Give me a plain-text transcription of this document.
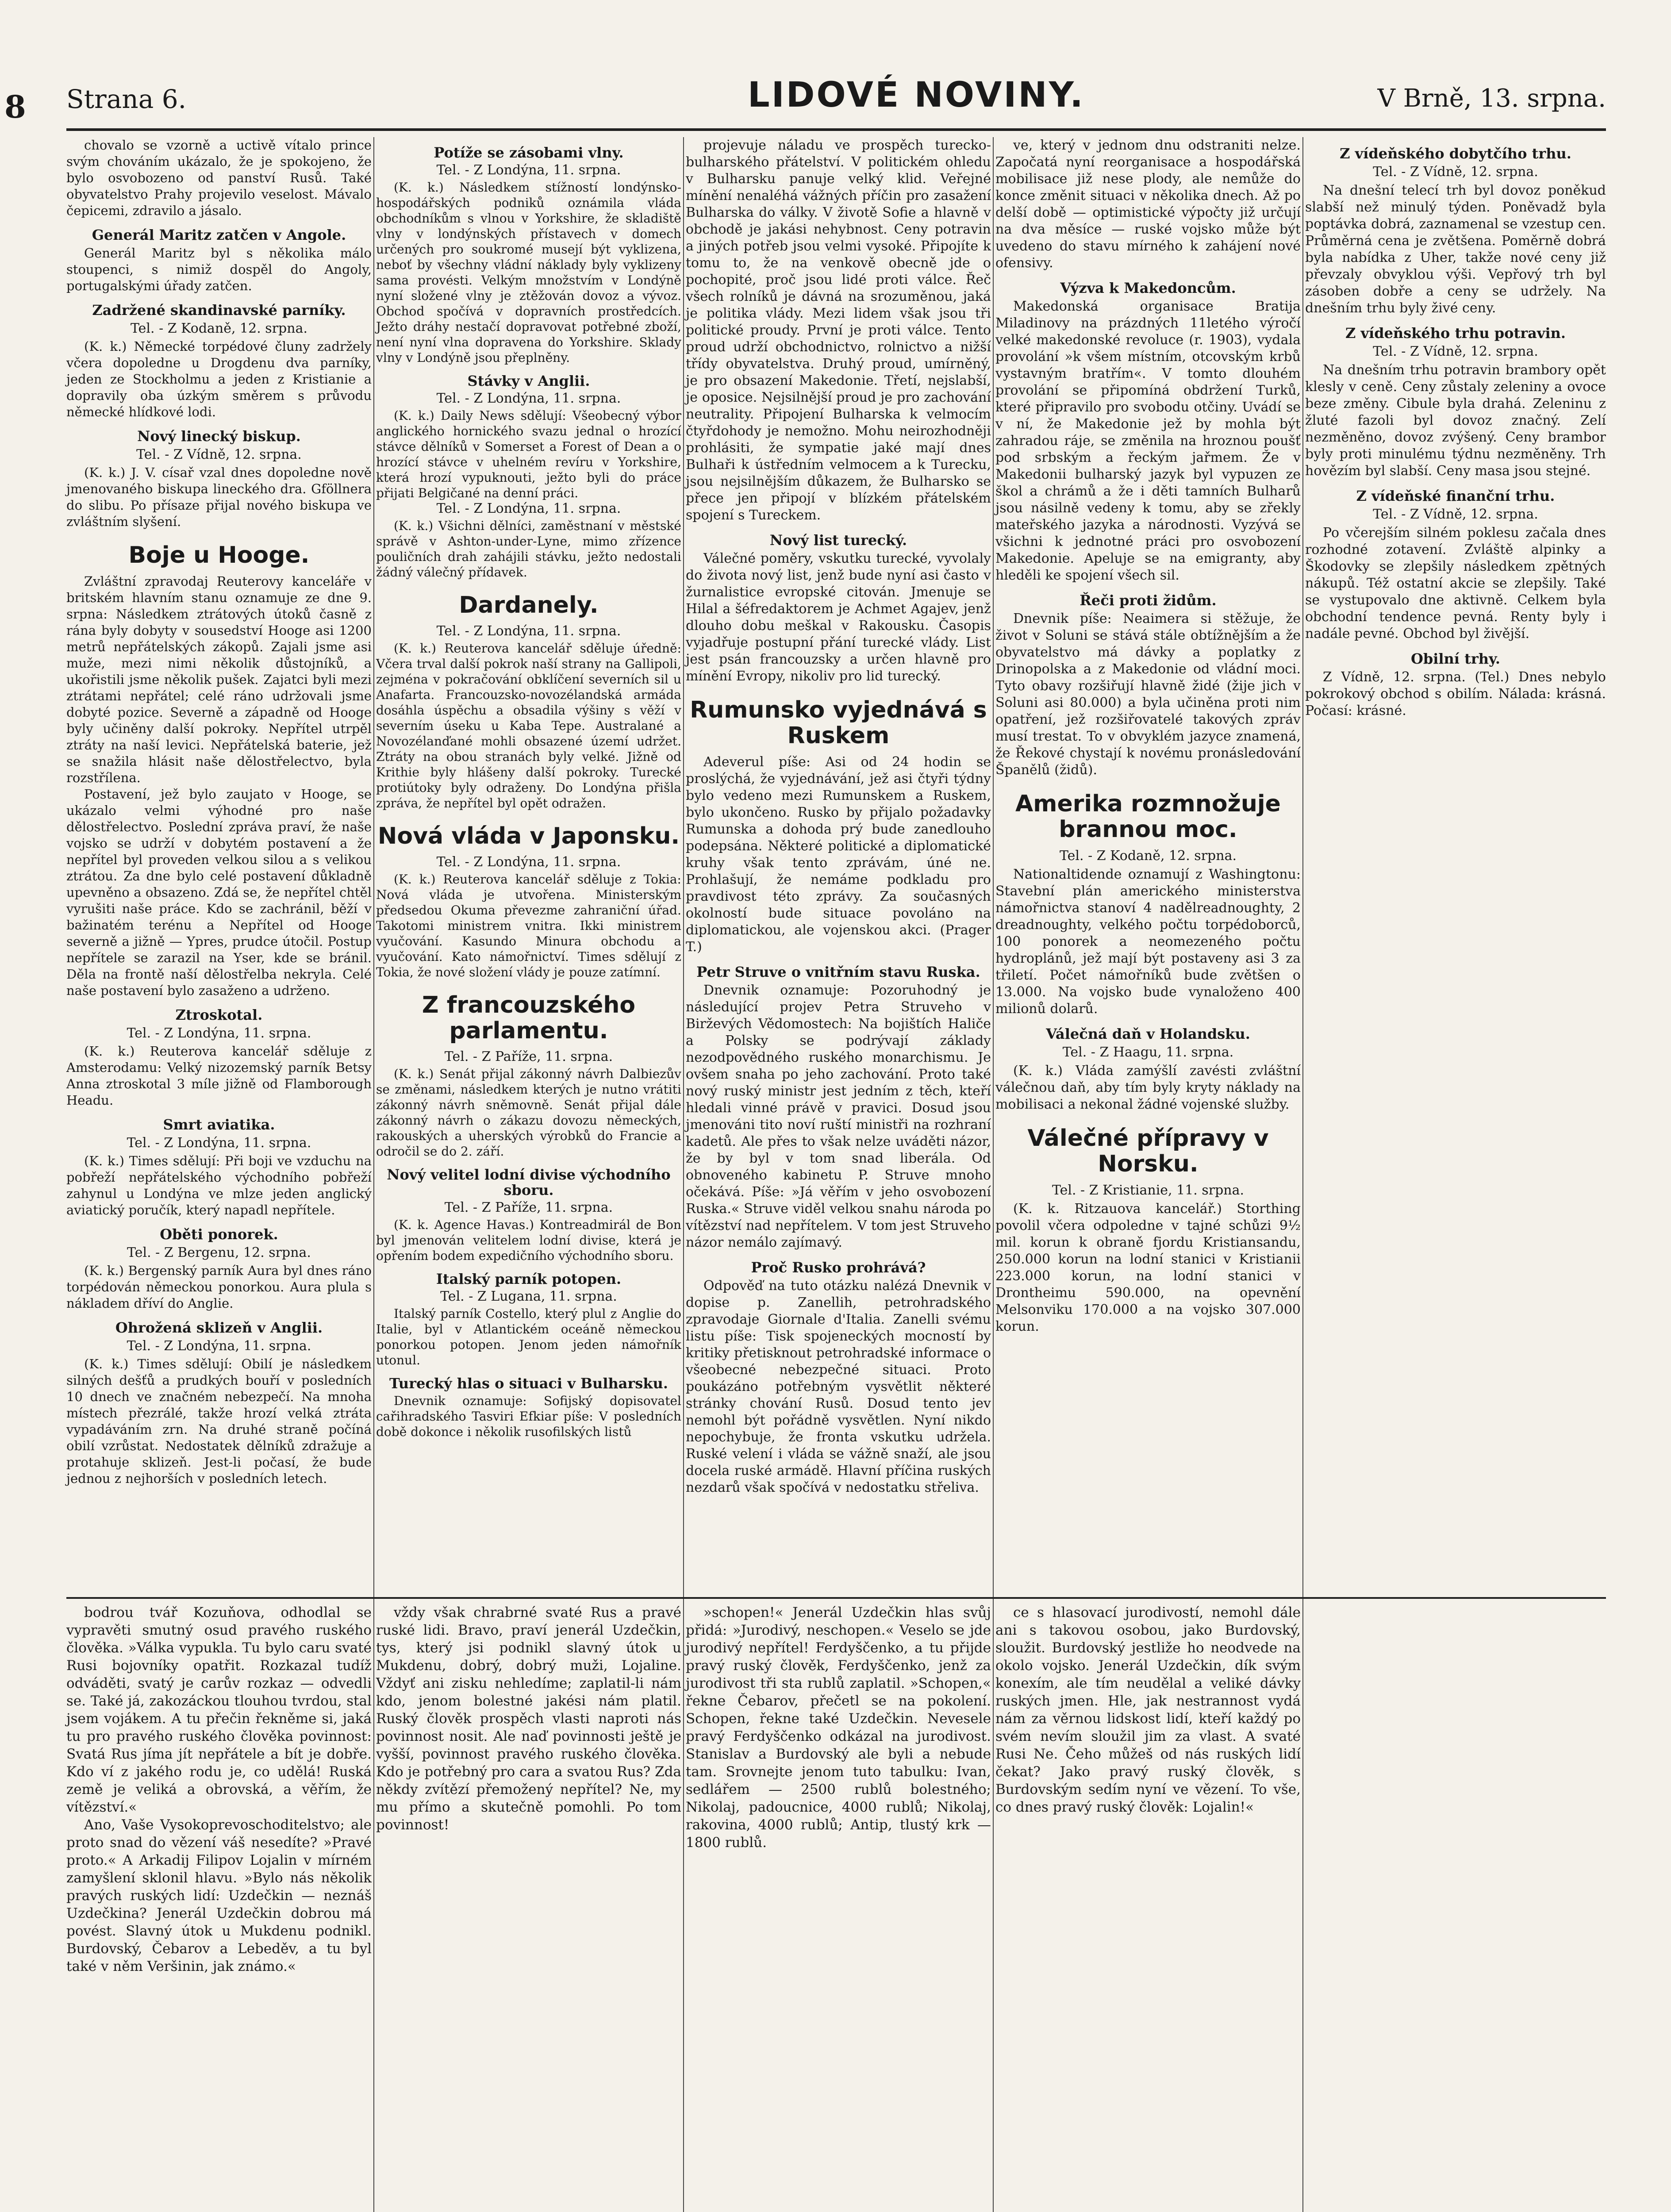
8 Strana 6.	LIDOVÉ NOVINY.	V Brně, 13. srpna.

chovalo se vzorně a uctivě vítalo prince svým chováním ukázalo, že je spokojeno, že bylo osvobozeno od panství Rusů. Také obyvatelstvo Prahy projevilo veselost. Mávalo čepicemi, zdravilo a jásalo.

Generál Maritz zatčen v Angole.

Generál Maritz byl s několika málo stoupenci, s nimiž dospěl do Angoly, portugalskými úřady zatčen.

Zadržené skandinavské parníky.
Tel. - Z Kodaně, 12. srpna.

(K. k.) Německé torpédové čluny zadržely včera dopoledne u Drogdenu dva parníky, jeden ze Stockholmu a jeden z Kristianie a dopravily oba úzkým směrem s průvodu německé hlídkové lodi.

Nový linecký biskup.
Tel. - Z Vídně, 12. srpna.

(K. k.) J. V. císař vzal dnes dopoledne nově jmenovaného biskupa lineckého dra. Gföllnera do slibu. Po přísaze přijal nového biskupa ve zvláštním slyšení.

Boje u Hooge.

Zvláštní zpravodaj Reuterovy kanceláře v britském hlavním stanu oznamuje ze dne 9. srpna: Následkem ztrátových útoků časně z rána byly dobyty v sousedství Hooge asi 1200 metrů nepřátelských zákopů. Zajali jsme asi muže, mezi nimi několik důstojníků, a ukořistili jsme několik pušek. Zajatci byli mezi ztrátami nepřátel; celé ráno udržovali jsme dobyté pozice. Severně a západně od Hooge byly učiněny další pokroky. Nepřítel utrpěl ztráty na naší levici. Nepřátelská baterie, jež se snažila hlásit naše dělostřelectvo, byla rozstřílena.

Postavení, jež bylo zaujato v Hooge, se ukázalo velmi výhodné pro naše dělostřelectvo. Poslední zpráva praví, že naše vojsko se udrží v dobytém postavení a že nepřítel byl proveden velkou silou a s velikou ztrátou. Za dne bylo celé postavení důkladně upevněno a obsazeno. Zdá se, že nepřítel chtěl vyrušiti naše práce. Kdo se zachránil, běží v bažinatém terénu a Nepřítel od Hooge severně a jižně — Ypres, prudce útočil. Postup nepřítele se zarazil na Yser, kde se bránil. Děla na frontě naší dělostřelba nekryla. Celé naše postavení bylo zasaženo a udrženo.

Ztroskotal.
Tel. - Z Londýna, 11. srpna.

(K. k.) Reuterova kancelář sděluje z Amsterodamu: Velký nizozemský parník Betsy Anna ztroskotal 3 míle jižně od Flamborough Headu.

Smrt aviatika.
Tel. - Z Londýna, 11. srpna.

(K. k.) Times sdělují: Při boji ve vzduchu na pobřeží nepřátelského východního pobřeží zahynul u Londýna ve mlze jeden anglický aviatický poručík, který napadl nepřítele.

Oběti ponorek.
Tel. - Z Bergenu, 12. srpna.

(K. k.) Bergenský parník Aura byl dnes ráno torpédován německou ponorkou. Aura plula s nákladem dříví do Anglie.

Ohrožená sklizeň v Anglii.
Tel. - Z Londýna, 11. srpna.

(K. k.) Times sdělují: Obilí je následkem silných dešťů a prudkých bouří v posledních 10 dnech ve značném nebezpečí. Na mnoha místech přezrálé, takže hrozí velká ztráta vypadáváním zrn. Na druhé straně počíná obilí vzrůstat. Nedostatek dělníků zdražuje a protahuje sklizeň. Jest-li počasí, že bude jednou z nejhorších v posledních letech.

Potíže se zásobami vlny.
Tel. - Z Londýna, 11. srpna.

(K. k.) Následkem stížností londýnsko-hospodářských podniků oznámila vláda obchodníkům s vlnou v Yorkshire, že skladiště vlny v londýnských přístavech v domech určených pro soukromé musejí být vyklizena, neboť by všechny vládní náklady byly vyklizeny sama provésti. Velkým množstvím v Londýně nyní složené vlny je ztěžován dovoz a vývoz. Obchod spočívá v dopravních prostředcích. Ježto dráhy nestačí dopravovat potřebné zboží, není nyní vlna dopravena do Yorkshire. Sklady vlny v Londýně jsou přeplněny.

Stávky v Anglii.
Tel. - Z Londýna, 11. srpna.

(K. k.) Daily News sdělují: Všeobecný výbor anglického hornického svazu jednal o hrozící stávce dělníků v Somerset a Forest of Dean a o hrozící stávce v uhelném revíru v Yorkshire, která hrozí vypuknouti, ježto byli do práce přijati Belgičané na denní práci.

Tel. - Z Londýna, 11. srpna.

(K. k.) Všichni dělníci, zaměstnaní v městské správě v Ashton-under-Lyne, mimo zřízence pouličních drah zahájili stávku, ježto nedostali žádný válečný přídavek.

Dardanely.
Tel. - Z Londýna, 11. srpna.

(K. k.) Reuterova kancelář sděluje úředně: Včera trval další pokrok naší strany na Gallipoli, zejména v pokračování obklíčení severních sil u Anafarta. Francouzsko-novozélandská armáda dosáhla úspěchu a obsadila výšiny s věží v severním úseku u Kaba Tepe. Australané a Novozélanďané mohli obsazené území udržet. Ztráty na obou stranách byly velké. Jižně od Krithie byly hlášeny další pokroky. Turecké protiútoky byly odraženy. Do Londýna přišla zpráva, že nepřítel byl opět odražen.

Nová vláda v Japonsku.
Tel. - Z Londýna, 11. srpna.

(K. k.) Reuterova kancelář sděluje z Tokia: Nová vláda je utvořena. Ministerským předsedou Okuma převezme zahraniční úřad. Takotomi ministrem vnitra. Ikki ministrem vyučování. Kasundo Minura obchodu a vyučování. Kato námořnictví. Times sdělují z Tokia, že nové složení vlády je pouze zatímní.

Z francouzského parlamentu.
Tel. - Z Paříže, 11. srpna.

(K. k.) Senát přijal zákonný návrh Dalbiezův se změnami, následkem kterých je nutno vrátiti zákonný návrh sněmovně. Senát přijal dále zákonný návrh o zákazu dovozu německých, rakouských a uherských výrobků do Francie a odročil se do 2. září.

Nový velitel lodní divise východního sboru.
Tel. - Z Paříže, 11. srpna.

(K. k. Agence Havas.) Kontreadmirál de Bon byl jmenován velitelem lodní divise, která je opřením bodem expedičního východního sboru.

Italský parník potopen.
Tel. - Z Lugana, 11. srpna.

Italský parník Costello, který plul z Anglie do Italie, byl v Atlantickém oceáně německou ponorkou potopen. Jenom jeden námořník utonul.

Turecký hlas o situaci v Bulharsku.

Dnevnik oznamuje: Sofijský dopisovatel cařihradského Tasviri Efkiar píše: V posledních době dokonce i několik rusofilských listů

projevuje náladu ve prospěch turecko-bulharského přátelství. V politickém ohledu v Bulharsku panuje velký klid. Veřejné mínění nenaléhá vážných příčin pro zasažení Bulharska do války. V životě Sofie a hlavně v obchodě je jakási nehybnost. Ceny potravin a jiných potřeb jsou velmi vysoké. Připojíte k tomu to, že na venkově obecně jde o pochopité, proč jsou lidé proti válce. Řeč všech rolníků je dávná na srozuměnou, jaká je politika vlády. Mezi lidem však jsou tři politické proudy. První je proti válce. Tento proud udrží obchodnictvo, rolnictvo a nižší třídy obyvatelstva. Druhý proud, umírněný, je pro obsazení Makedonie. Třetí, nejslabší, je oposice. Nejsilnější proud je pro zachování neutrality. Připojení Bulharska k velmocím čtyřdohody je nemožno. Mohu neirozhodněji prohlásiti, že sympatie jaké mají dnes Bulhaři k ústředním velmocem a k Turecku, jsou nejsilnějším důkazem, že Bulharsko se přece jen připojí v blízkém přátelském spojení s Tureckem.

Nový list turecký.

Válečné poměry, vskutku turecké, vyvolaly do života nový list, jenž bude nyní asi často v žurnalistice evropské citován. Jmenuje se Hilal a šéfredaktorem je Achmet Agajev, jenž dlouho dobu meškal v Rakousku. Časopis vyjadřuje postupní přání turecké vlády. List jest psán francouzsky a určen hlavně pro mínění Evropy, nikoliv pro lid turecký.

Rumunsko vyjednává s Ruskem

Adeverul píše: Asi od 24 hodin se proslýchá, že vyjednávání, jež asi čtyři týdny bylo vedeno mezi Rumunskem a Ruskem, bylo ukončeno. Rusko by přijalo požadavky Rumunska a dohoda prý bude zanedlouho podepsána. Některé politické a diplomatické kruhy však tento zprávám, úné ne. Prohlašují, že nemáme podkladu pro pravdivost této zprávy. Za současných okolností bude situace povoláno na diplomatickou, ale vojenskou akci. (Prager T.)

Petr Struve o vnitřním stavu Ruska.

Dnevnik oznamuje: Pozoruhodný je následující projev Petra Struveho v Birževých Vědomostech: Na bojištích Haliče a Polsky se podrývají základy nezodpovědného ruského monarchismu. Je ovšem snaha po jeho zachování. Proto také nový ruský ministr jest jedním z těch, kteří hledali vinné právě v pravici. Dosud jsou jmenováni tito noví ruští ministři na rozhraní kadetů. Ale přes to však nelze uváděti názor, že by byl v tom snad liberála. Od obnoveného kabinetu P. Struve mnoho očekává. Píše: »Já věřím v jeho osvobození Ruska.« Struve viděl velkou snahu národa po vítězství nad nepřítelem. V tom jest Struveho názor nemálo zajímavý.

Proč Rusko prohrává?

Odpověď na tuto otázku nalézá Dnevnik v dopise p. Zanellih, petrohradského zpravodaje Giornale d'Italia. Zanelli svému listu píše: Tisk spojeneckých mocností by kritiky přetisknout petrohradské informace o všeobecné nebezpečné situaci. Proto poukázáno potřebným vysvětlit některé stránky chování Rusů. Dosud tento jev nemohl být pořádně vysvětlen. Nyní nikdo nepochybuje, že fronta vskutku udržela. Ruské velení i vláda se vážně snaží, ale jsou docela ruské armádě. Hlavní příčina ruských nezdarů však spočívá v nedostatku střeliva.

ve, který v jednom dnu odstraniti nelze. Započatá nyní reorganisace a hospodářská mobilisace již nese plody, ale nemůže do konce změnit situaci v několika dnech. Až po delší době — optimistické výpočty již určují na dva měsíce — ruské vojsko může být uvedeno do stavu mírného k zahájení nové ofensivy.

Výzva k Makedoncům.

Makedonská organisace Bratija Miladinovy na prázdných 11letého výročí velké makedonské revoluce (r. 1903), vydala provolání »k všem místním, otcovským krbů vystavným bratřím«. V tomto dlouhém provolání se připomíná obdržení Turků, které připravilo pro svobodu otčiny. Uvádí se v ní, že Makedonie jež by mohla být zahradou ráje, se změnila na hroznou poušť pod srbským a řeckým jařmem. Že v Makedonii bulharský jazyk byl vypuzen ze škol a chrámů a že i děti tamních Bulharů jsou násilně vedeny k tomu, aby se zřekly mateřského jazyka a národnosti. Vyzývá se všichni k jednotné práci pro osvobození Makedonie. Apeluje se na emigranty, aby hleděli ke spojení všech sil.

Řeči proti židům.

Dnevnik píše: Neaimera si stěžuje, že život v Soluni se stává stále obtížnějším a že obyvatelstvo má dávky a poplatky z Drinopolska a z Makedonie od vládní moci. Tyto obavy rozšiřují hlavně židé (žije jich v Soluni asi 80.000) a byla učiněna proti nim opatření, jež rozšiřovatelé takových zpráv musí trestat. To v obvyklém jazyce znamená, že Řekové chystají k novému pronásledování Španělů (židů).

Amerika rozmnožuje brannou moc.
Tel. - Z Kodaně, 12. srpna.

Nationaltidende oznamují z Washingtonu: Stavební plán amerického ministerstva námořnictva stanoví 4 nadělreadnoughty, 2 dreadnoughty, velkého počtu torpédoborců, 100 ponorek a neomezeného počtu hydroplánů, jež mají být postaveny asi 3 za třiletí. Počet námořníků bude zvětšen o 13.000. Na vojsko bude vynaloženo 400 milionů dolarů.

Válečná daň v Holandsku.
Tel. - Z Haagu, 11. srpna.

(K. k.) Vláda zamýšlí zavésti zvláštní válečnou daň, aby tím byly kryty náklady na mobilisaci a nekonal žádné vojenské služby.

Válečné přípravy v Norsku.
Tel. - Z Kristianie, 11. srpna.

(K. k. Ritzauova kancelář.) Storthing povolil včera odpoledne v tajné schůzi 9½ mil. korun k obraně fjordu Kristiansandu, 250.000 korun na lodní stanici v Kristianii 223.000 korun, na lodní stanici v Drontheimu 590.000, na opevnění Melsonviku 170.000 a na vojsko 307.000 korun.

Z vídeňského dobytčího trhu.
Tel. - Z Vídně, 12. srpna.

Na dnešní telecí trh byl dovoz poněkud slabší než minulý týden. Poněvadž byla poptávka dobrá, zaznamenal se vzestup cen. Průměrná cena je zvětšena. Poměrně dobrá byla nabídka z Uher, takže nové ceny již převzaly obvyklou výši. Vepřový trh byl zásoben dobře a ceny se udržely. Na dnešním trhu byly živé ceny.

Z vídeňského trhu potravin.
Tel. - Z Vídně, 12. srpna.

Na dnešním trhu potravin brambory opět klesly v ceně. Ceny zůstaly zeleniny a ovoce beze změny. Cibule byla drahá. Zeleninu z žluté fazoli byl dovoz značný. Zelí nezměněno, dovoz zvýšený. Ceny brambor byly proti minulému týdnu nezměněny. Trh hovězím byl slabší. Ceny masa jsou stejné.

Z vídeňské finanční trhu.
Tel. - Z Vídně, 12. srpna.

Po včerejším silném poklesu začala dnes rozhodné zotavení. Zvláště alpinky a Škodovky se zlepšily následkem zpětných nákupů. Též ostatní akcie se zlepšily. Také se vystupovalo dne aktivně. Celkem byla obchodní tendence pevná. Renty byly i nadále pevné. Obchod byl živější.

Obilní trhy.

Z Vídně, 12. srpna. (Tel.) Dnes nebylo pokrokový obchod s obilím. Nálada: krásná. Počasí: krásné.

bodrou tvář Kozuňova, odhodlal se vypravěti smutný osud pravého ruského člověka. »Válka vypukla. Tu bylo caru svaté Rusi bojovníky opatřit. Rozkazal tudíž odváděti, svatý je carův rozkaz — odvedli se. Také já, zakozáckou tlouhou tvrdou, stal jsem vojákem. A tu přečin řekněme si, jaká tu pro pravého ruského člověka povinnost: Svatá Rus jíma jít nepřátele a bít je dobře. Kdo ví z jakého rodu je, co udělá! Ruská země je veliká a obrovská, a věřím, že vítězství.«

Ano, Vaše Vysokoprevoschoditelstvo; ale proto snad do vězení váš nesedíte? »Pravé proto.« A Arkadij Filipov Lojalin v mírném zamyšlení sklonil hlavu. »Bylo nás několik pravých ruských lidí: Uzdečkin — neznáš Uzdečkina? Jenerál Uzdečkin dobrou má povést. Slavný útok u Mukdenu podnikl. Burdovský, Čebarov a Lebeděv, a tu byl také v něm Veršinin, jak známo.«

vždy však chrabrné svaté Rus a pravé ruské lidi. Bravo, praví jenerál Uzdečkin, tys, který jsi podnikl slavný útok u Mukdenu, dobrý, dobrý muži, Lojaline. Vždyť ani zisku nehledíme; zaplatil-li nám kdo, jenom bolestné jakési nám platil. Ruský člověk prospěch vlasti naproti nás povinnost nosit. Ale naď povinnosti ještě je vyšší, povinnost pravého ruského člověka. Kdo je potřebný pro cara a svatou Rus? Zda někdy zvítězí přemožený nepřítel? Ne, my mu přímo a skutečně pomohli. Po tom povinnost!

»schopen!« Jenerál Uzdečkin hlas svůj přidá: »Jurodivý, neschopen.« Veselo se jde jurodivý nepřítel! Ferdyščenko, a tu přijde pravý ruský člověk, Ferdyščenko, jenž za jurodivost tři sta rublů zaplatil. »Schopen,« řekne Čebarov, přečetl se na pokolení. Schopen, řekne také Uzdečkin. Nevesele pravý Ferdyščenko odkázal na jurodivost. Stanislav a Burdovský ale byli a nebude tam. Srovnejte jenom tuto tabulku: Ivan, sedlářem — 2500 rublů bolestného; Nikolaj, padoucnice, 4000 rublů; Nikolaj, rakovina, 4000 rublů; Antip, tlustý krk — 1800 rublů.

ce s hlasovací jurodivostí, nemohl dále ani s takovou osobou, jako Burdovský, sloužit. Burdovský jestliže ho neodvede na okolo vojsko. Jenerál Uzdečkin, dík svým konexím, ale tím neudělal a veliké dávky ruských jmen. Hle, jak nestrannost vydá nám za věrnou lidskost lidí, kteří každý po svém nevím sloužil jim za vlast. A svaté Rusi Ne. Čeho můžeš od nás ruských lidí čekat? Jako pravý ruský člověk, s Burdovským sedím nyní ve vězení. To vše, co dnes pravý ruský člověk: Lojalin!«
